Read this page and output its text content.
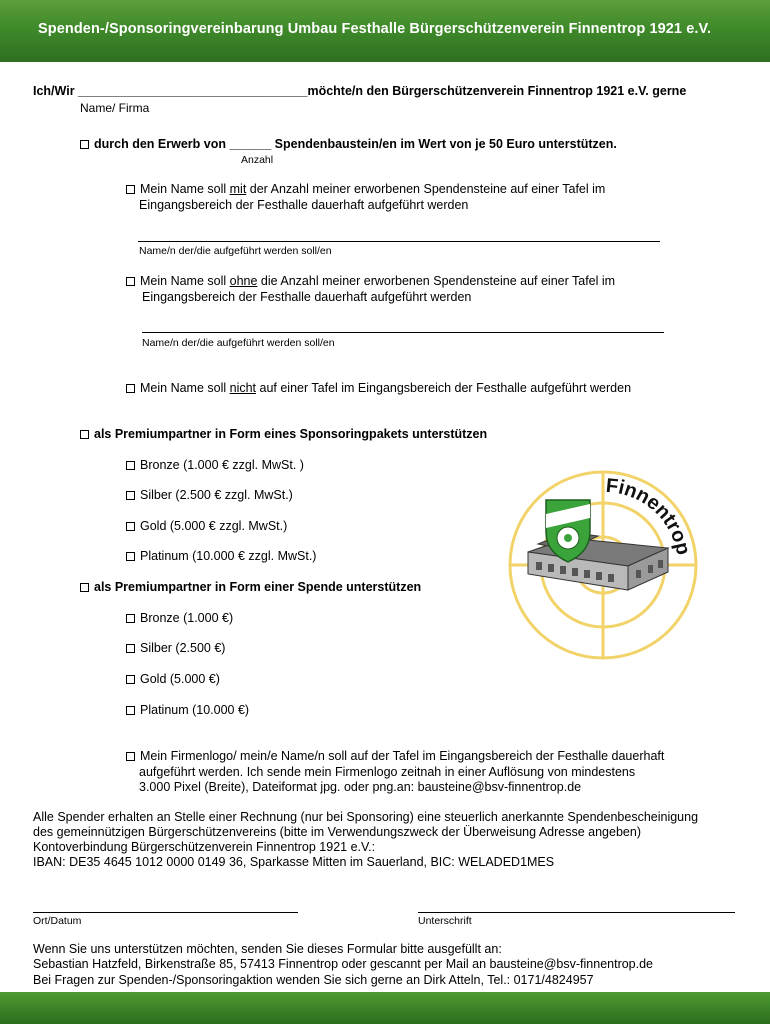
Spenden-/Sponsoringvereinbarung Umbau Festhalle Bürgerschützenverein Finnentrop 1921 e.V.
Ich/Wir _________________________________möchte/n den Bürgerschützenverein Finnentrop 1921 e.V. gerne
Name/ Firma
durch den Erwerb von ______ Spendenbaustein/en im Wert von je 50 Euro unterstützen.
Anzahl
Mein Name soll mit der Anzahl meiner erworbenen Spendensteine auf einer Tafel im
Eingangsbereich der Festhalle dauerhaft aufgeführt werden
Name/n der/die aufgeführt werden soll/en
Mein Name soll ohne die Anzahl meiner erworbenen Spendensteine auf einer Tafel im
Eingangsbereich der Festhalle dauerhaft aufgeführt werden
Name/n der/die aufgeführt werden soll/en
Mein Name soll nicht auf einer Tafel im Eingangsbereich der Festhalle aufgeführt werden
als Premiumpartner in Form eines Sponsoringpakets unterstützen
Bronze (1.000 € zzgl. MwSt. )
Silber (2.500 € zzgl. MwSt.)
Gold (5.000 € zzgl. MwSt.)
Platinum (10.000 € zzgl. MwSt.)
als Premiumpartner in Form einer Spende unterstützen
Bronze (1.000 €)
Silber (2.500 €)
Gold (5.000 €)
Platinum (10.000 €)
Mein Firmenlogo/ mein/e Name/n soll auf der Tafel im Eingangsbereich der Festhalle dauerhaft
aufgeführt werden. Ich sende mein Firmenlogo zeitnah in einer Auflösung von mindestens
3.000 Pixel (Breite), Dateiformat jpg. oder png.an: bausteine@bsv-finnentrop.de
Alle Spender erhalten an Stelle einer Rechnung (nur bei Sponsoring) eine steuerlich anerkannte Spendenbescheinigung
des gemeinnützigen Bürgerschützenvereins (bitte im Verwendungszweck der Überweisung Adresse angeben)
Kontoverbindung Bürgerschützenverein Finnentrop 1921 e.V.:
IBAN: DE35 4645 1012 0000 0149 36, Sparkasse Mitten im Sauerland, BIC: WELADED1MES
Ort/Datum	Unterschrift
Wenn Sie uns unterstützen möchten, senden Sie dieses Formular bitte ausgefüllt an:
Sebastian Hatzfeld, Birkenstraße 85, 57413 Finnentrop oder gescannt per Mail an bausteine@bsv-finnentrop.de
Bei Fragen zur Spenden-/Sponsoringaktion wenden Sie sich gerne an Dirk Atteln, Tel.: 0171/4824957
Finnentrop
